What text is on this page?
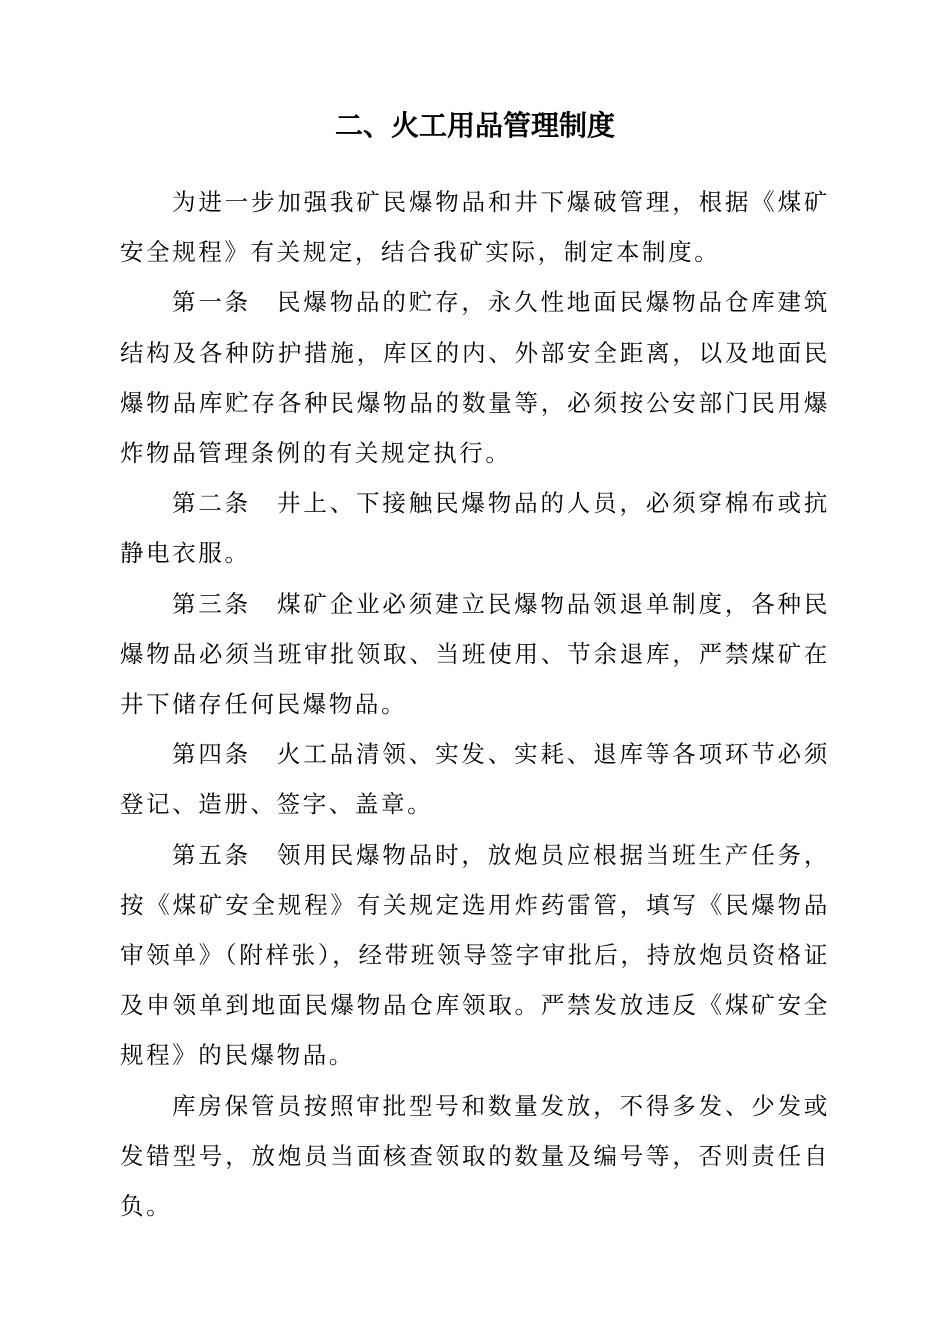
二、火工用品管理制度

为进一步加强我矿民爆物品和井下爆破管理，根据《煤矿安全规程》有关规定，结合我矿实际，制定本制度。

第一条 民爆物品的贮存，永久性地面民爆物品仓库建筑结构及各种防护措施，库区的内、外部安全距离，以及地面民爆物品库贮存各种民爆物品的数量等，必须按公安部门民用爆炸物品管理条例的有关规定执行。

第二条 井上、下接触民爆物品的人员，必须穿棉布或抗静电衣服。

第三条 煤矿企业必须建立民爆物品领退单制度，各种民爆物品必须当班审批领取、当班使用、节余退库，严禁煤矿在井下储存任何民爆物品。

第四条 火工品清领、实发、实耗、退库等各项环节必须登记、造册、签字、盖章。

第五条 领用民爆物品时，放炮员应根据当班生产任务，按《煤矿安全规程》有关规定选用炸药雷管，填写《民爆物品审领单》（附样张），经带班领导签字审批后，持放炮员资格证及申领单到地面民爆物品仓库领取。严禁发放违反《煤矿安全规程》的民爆物品。

库房保管员按照审批型号和数量发放，不得多发、少发或发错型号，放炮员当面核查领取的数量及编号等，否则责任自负。
